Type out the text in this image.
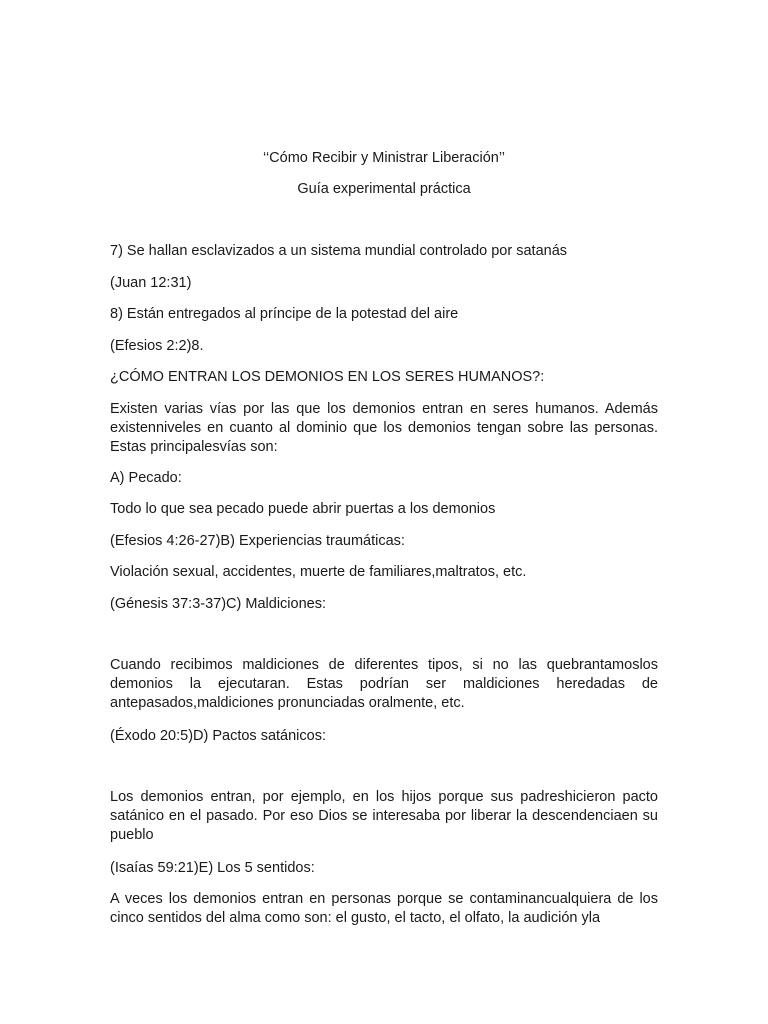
‘‘Cómo Recibir y Ministrar Liberación’’
Guía experimental práctica

7) Se hallan esclavizados a un sistema mundial controlado por satanás

(Juan 12:31)

8) Están entregados al príncipe de la potestad del aire

(Efesios 2:2)8.

¿CÓMO ENTRAN LOS DEMONIOS EN LOS SERES HUMANOS?:

Existen varias vías por las que los demonios entran en seres humanos. Además existenniveles en cuanto al dominio que los demonios tengan sobre las personas. Estas principalesvías son:

A) Pecado:

Todo lo que sea pecado puede abrir puertas a los demonios

(Efesios 4:26-27)B) Experiencias traumáticas:

Violación sexual, accidentes, muerte de familiares,maltratos, etc.

(Génesis 37:3-37)C) Maldiciones:

Cuando recibimos maldiciones de diferentes tipos, si no las quebrantamoslos demonios la ejecutaran. Estas podrían ser maldiciones heredadas de antepasados,maldiciones pronunciadas oralmente, etc.

(Éxodo 20:5)D) Pactos satánicos:

Los demonios entran, por ejemplo, en los hijos porque sus padreshicieron pacto satánico en el pasado. Por eso Dios se interesaba por liberar la descendenciaen su pueblo

(Isaías 59:21)E) Los 5 sentidos:

A veces los demonios entran en personas porque se contaminancualquiera de los cinco sentidos del alma como son: el gusto, el tacto, el olfato, la audición yla
